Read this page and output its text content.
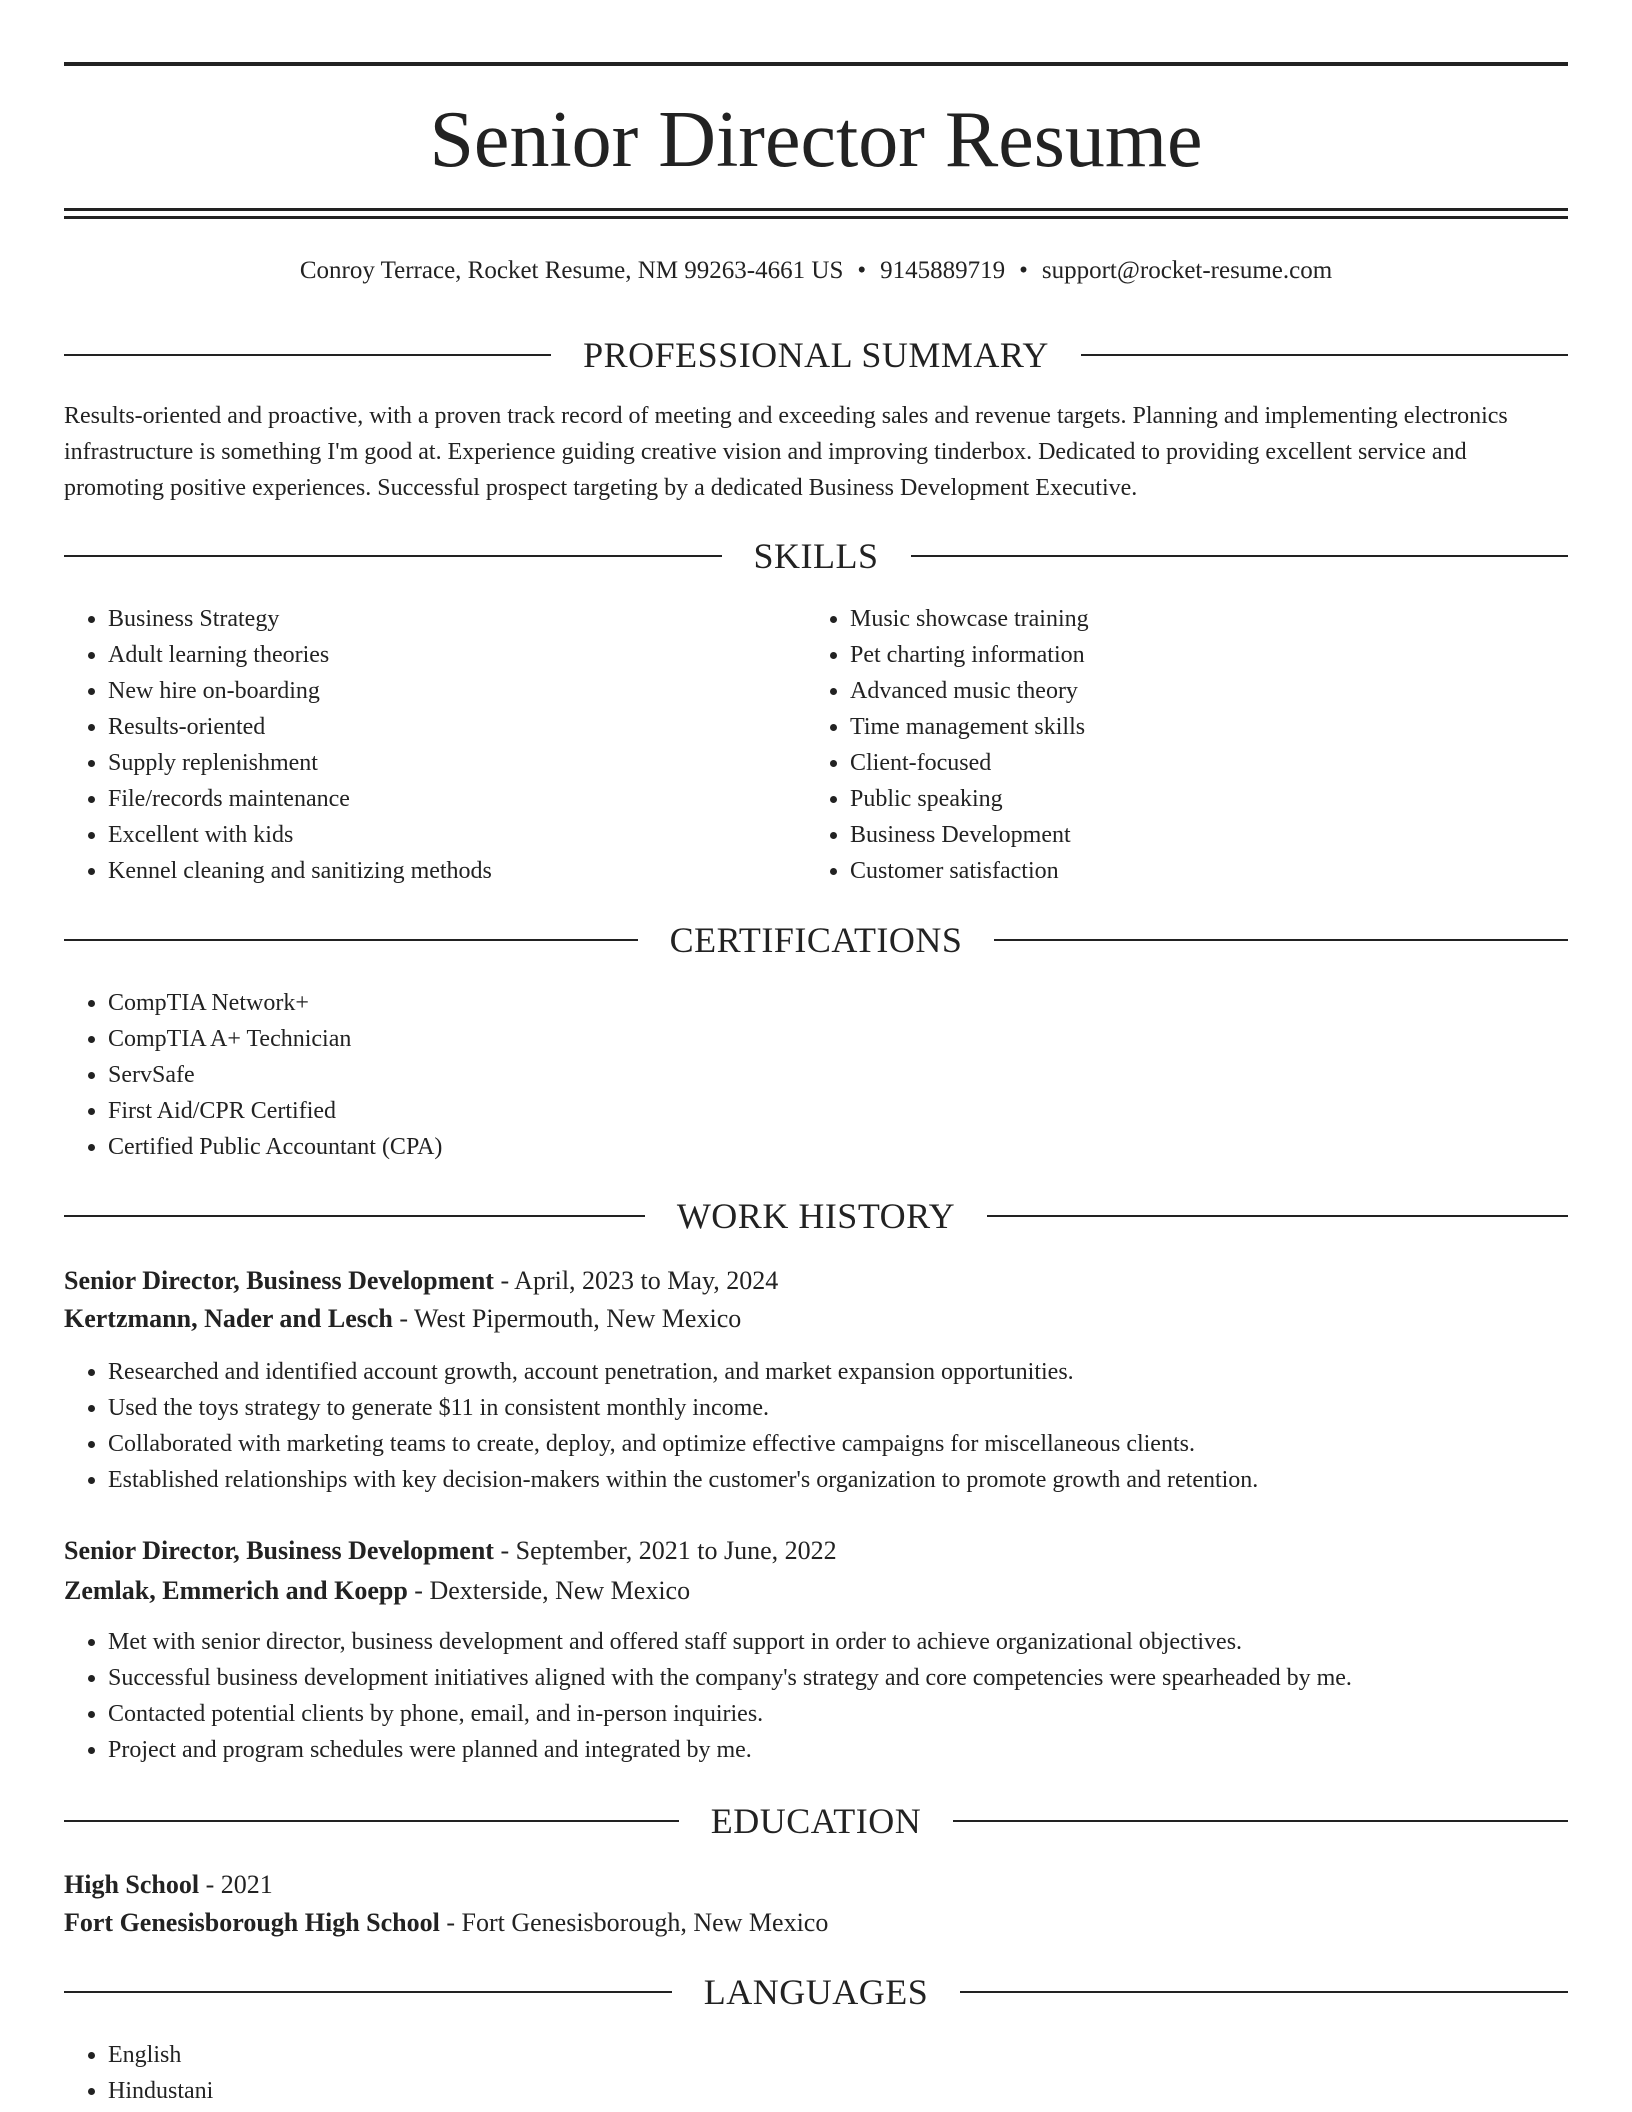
Senior Director Resume
Conroy Terrace, Rocket Resume, NM 99263-4661 US • 9145889719 • support@rocket-resume.com
PROFESSIONAL SUMMARY

Results-oriented and proactive, with a proven track record of meeting and exceeding sales and revenue targets. Planning and implementing electronics infrastructure is something I'm good at. Experience guiding creative vision and improving tinderbox. Dedicated to providing excellent service and promoting positive experiences. Successful prospect targeting by a dedicated Business Development Executive.

SKILLS
• Business Strategy
• Adult learning theories
• New hire on-boarding
• Results-oriented
• Supply replenishment
• File/records maintenance
• Excellent with kids
• Kennel cleaning and sanitizing methods
• Music showcase training
• Pet charting information
• Advanced music theory
• Time management skills
• Client-focused
• Public speaking
• Business Development
• Customer satisfaction
CERTIFICATIONS
• CompTIA Network+
• CompTIA A+ Technician
• ServSafe
• First Aid/CPR Certified
• Certified Public Accountant (CPA)
WORK HISTORY
Senior Director, Business Development - April, 2023 to May, 2024
Kertzmann, Nader and Lesch - West Pipermouth, New Mexico
• Researched and identified account growth, account penetration, and market expansion opportunities.
• Used the toys strategy to generate $11 in consistent monthly income.
• Collaborated with marketing teams to create, deploy, and optimize effective campaigns for miscellaneous clients.
• Established relationships with key decision-makers within the customer's organization to promote growth and retention.
Senior Director, Business Development - September, 2021 to June, 2022
Zemlak, Emmerich and Koepp - Dexterside, New Mexico
• Met with senior director, business development and offered staff support in order to achieve organizational objectives.
• Successful business development initiatives aligned with the company's strategy and core competencies were spearheaded by me.
• Contacted potential clients by phone, email, and in-person inquiries.
• Project and program schedules were planned and integrated by me.
EDUCATION
High School - 2021
Fort Genesisborough High School - Fort Genesisborough, New Mexico
LANGUAGES
• English
• Hindustani
